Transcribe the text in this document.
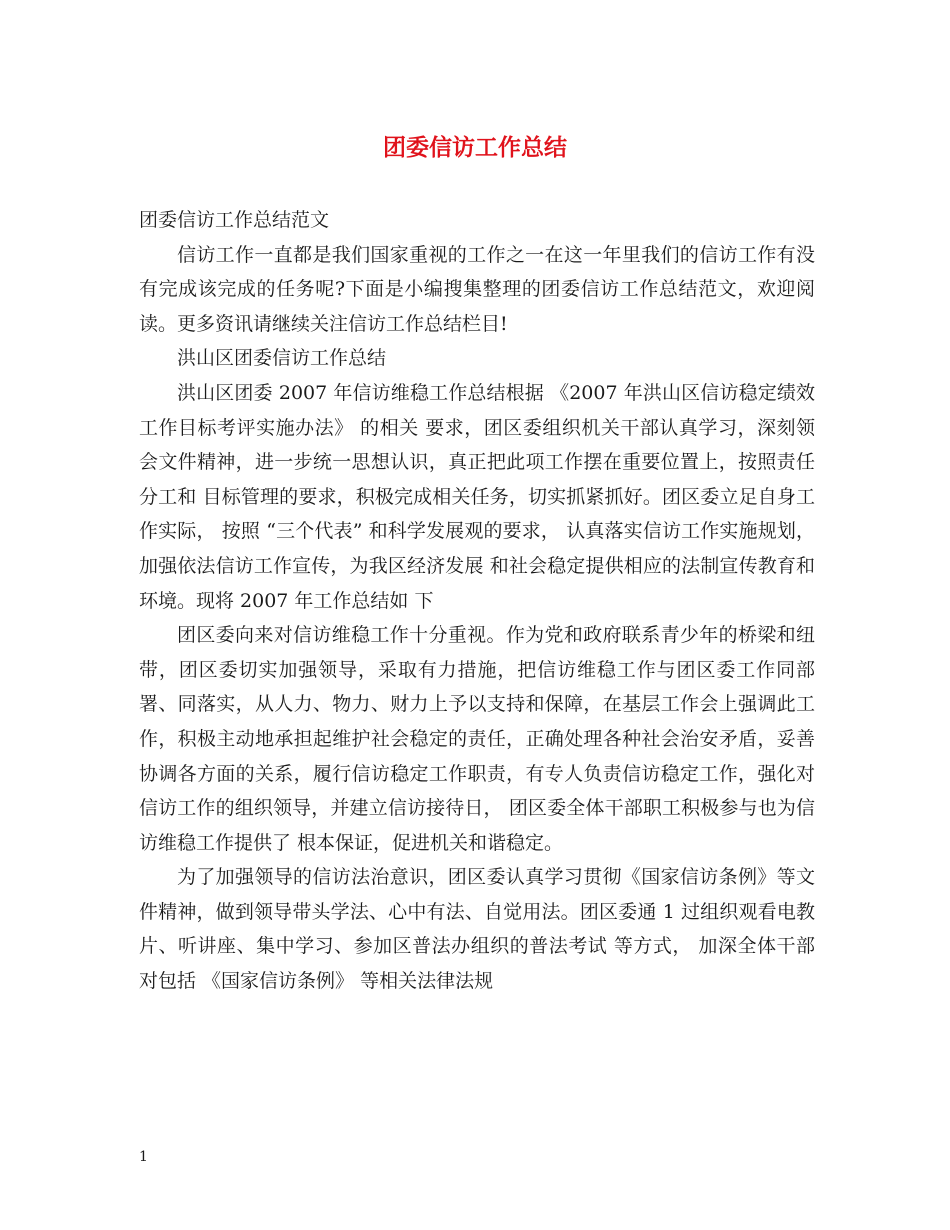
团委信访工作总结

团委信访工作总结范文

信访工作一直都是我们国家重视的工作之一在这一年里我们的信访工作有没有完成该完成的任务呢?下面是小编搜集整理的团委信访工作总结范文，欢迎阅读。更多资讯请继续关注信访工作总结栏目!

洪山区团委信访工作总结

洪山区团委 2007 年信访维稳工作总结根据 《2007 年洪山区信访稳定绩效工作目标考评实施办法》 的相关 要求，团区委组织机关干部认真学习，深刻领会文件精神，进一步统一思想认识，真正把此项工作摆在重要位置上，按照责任分工和 目标管理的要求，积极完成相关任务，切实抓紧抓好。团区委立足自身工作实际， 按照 “三个代表” 和科学发展观的要求， 认真落实信访工作实施规划，加强依法信访工作宣传，为我区经济发展 和社会稳定提供相应的法制宣传教育和环境。现将 2007 年工作总结如 下

团区委向来对信访维稳工作十分重视。作为党和政府联系青少年的桥梁和纽带，团区委切实加强领导，采取有力措施，把信访维稳工作与团区委工作同部署、同落实，从人力、物力、财力上予以支持和保障，在基层工作会上强调此工作，积极主动地承担起维护社会稳定的责任，正确处理各种社会治安矛盾，妥善协调各方面的关系，履行信访稳定工作职责，有专人负责信访稳定工作，强化对信访工作的组织领导，并建立信访接待日， 团区委全体干部职工积极参与也为信访维稳工作提供了 根本保证，促进机关和谐稳定。

为了加强领导的信访法治意识，团区委认真学习贯彻《国家信访条例》等文件精神，做到领导带头学法、心中有法、自觉用法。团区委通 1 过组织观看电教片、听讲座、集中学习、参加区普法办组织的普法考试 等方式， 加深全体干部对包括 《国家信访条例》 等相关法律法规

1
